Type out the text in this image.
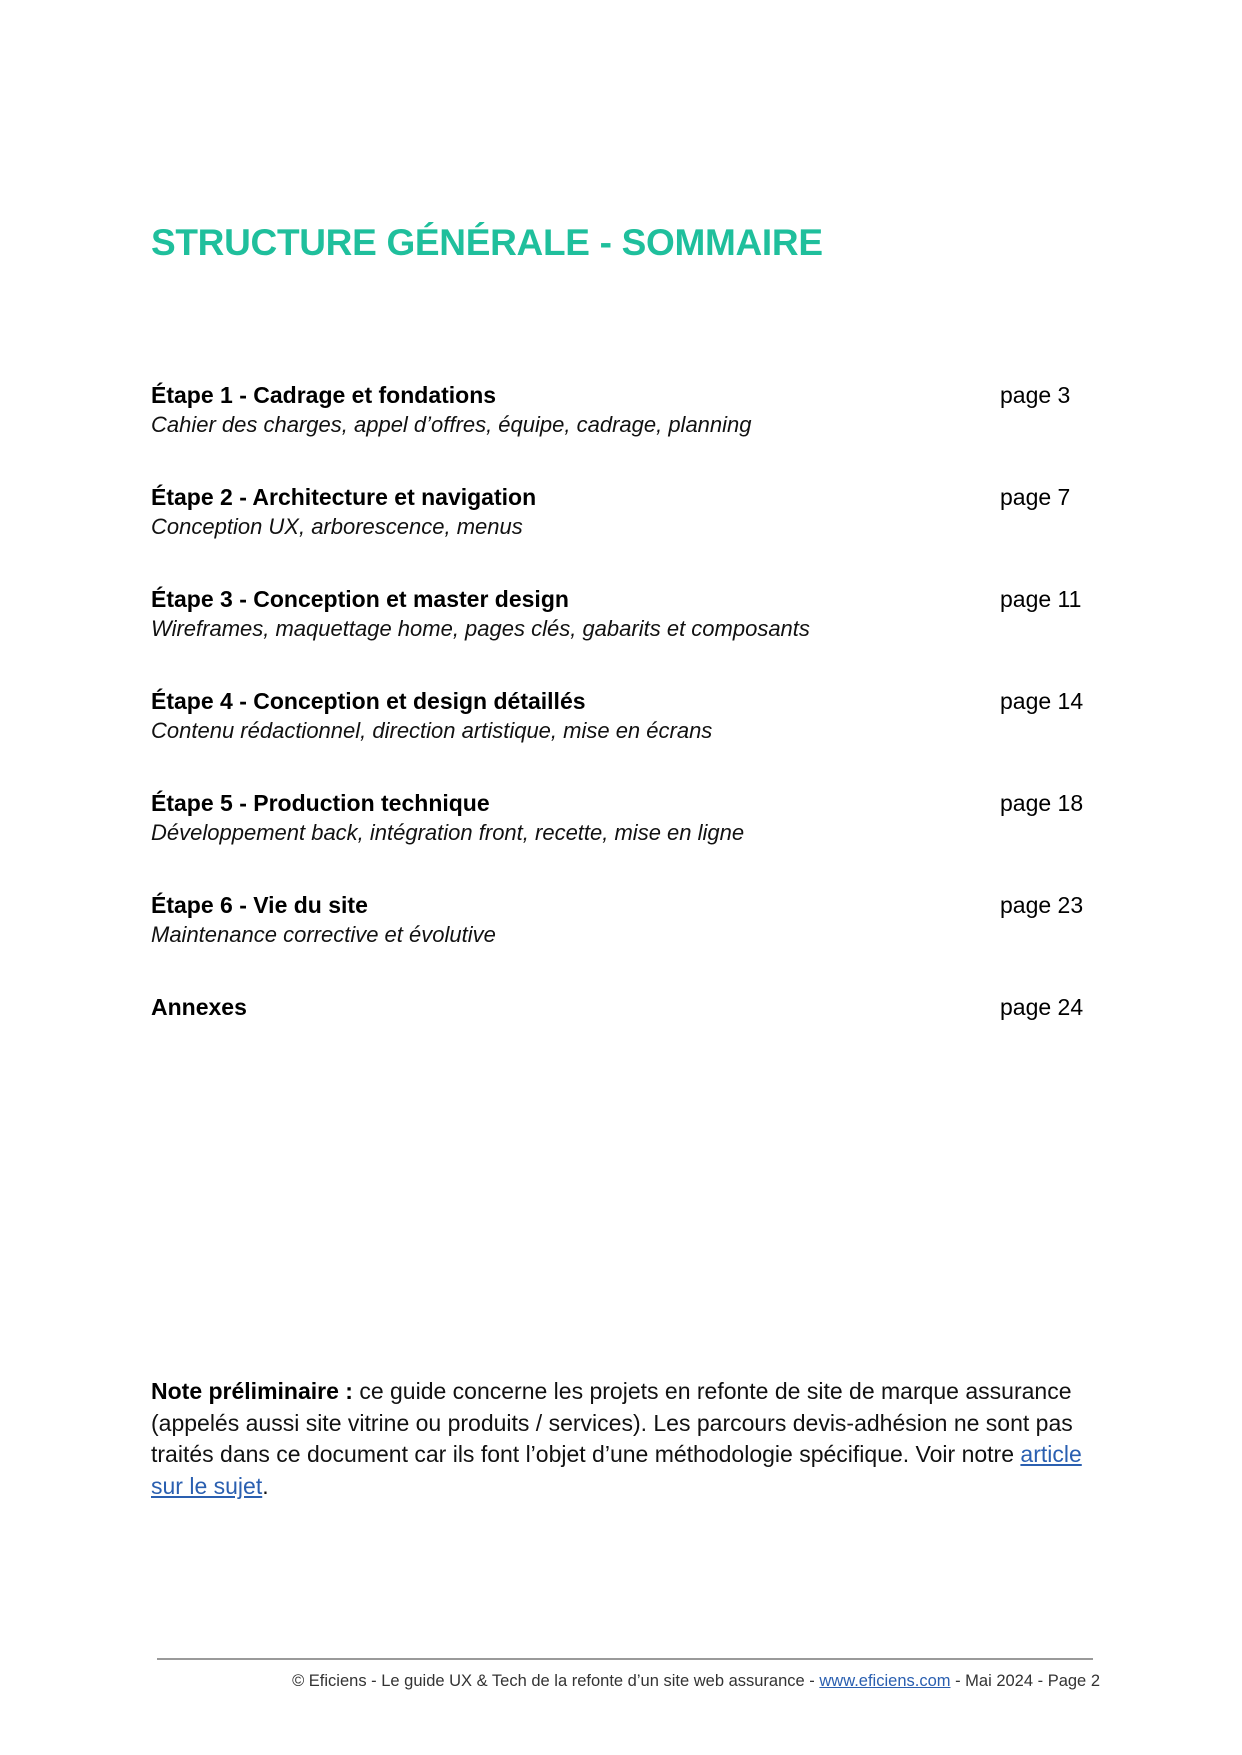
STRUCTURE GÉNÉRALE - SOMMAIRE
Étape 1 - Cadrage et fondations
Cahier des charges, appel d’offres, équipe, cadrage, planning
page 3
Étape 2 - Architecture et navigation
Conception UX, arborescence, menus
page 7
Étape 3 - Conception et master design
Wireframes, maquettage home, pages clés, gabarits et composants
page 11
Étape 4 - Conception et design détaillés
Contenu rédactionnel, direction artistique, mise en écrans
page 14
Étape 5 - Production technique
Développement back, intégration front, recette, mise en ligne
page 18
Étape 6 - Vie du site
Maintenance corrective et évolutive
page 23
Annexes	page 24

Note préliminaire : ce guide concerne les projets en refonte de site de marque assurance (appelés aussi site vitrine ou produits / services). Les parcours devis-adhésion ne sont pas traités dans ce document car ils font l’objet d’une méthodologie spécifique. Voir notre article sur le sujet.

© Eficiens - Le guide UX & Tech de la refonte d’un site web assurance - www.eficiens.com - Mai 2024 - Page 2
